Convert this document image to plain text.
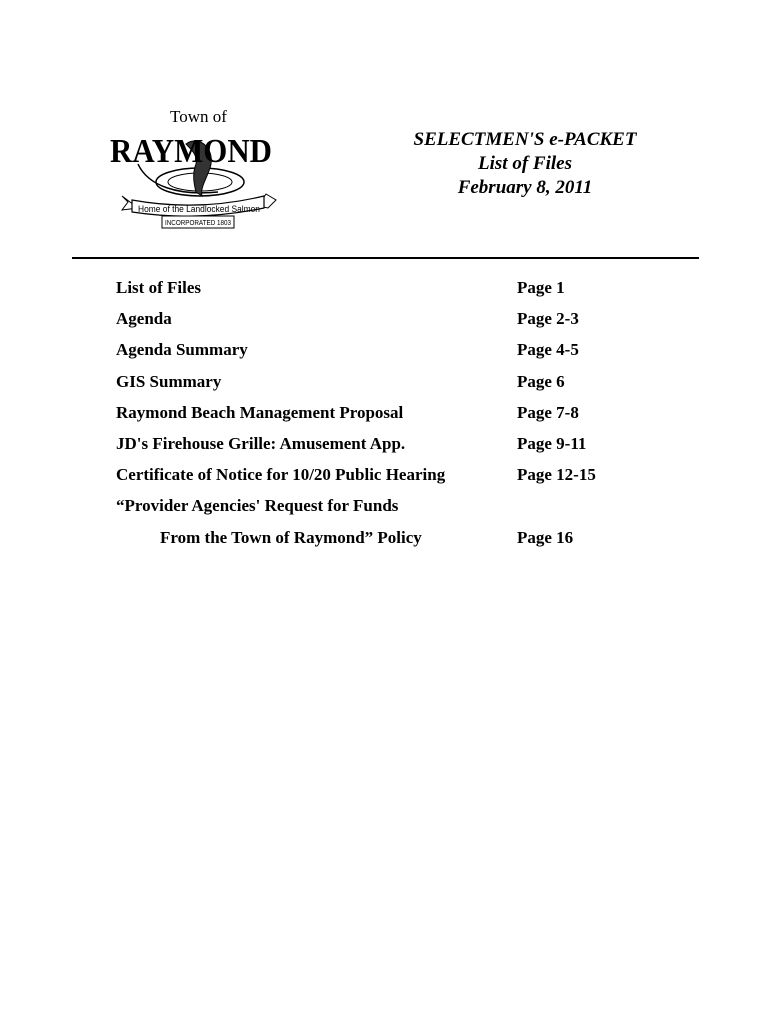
Town of
RAYMOND
Home of the Landlocked Salmon
INCORPORATED 1803
SELECTMEN'S e-PACKET
List of Files
February 8, 2011
List of Files	Page 1
Agenda	Page 2-3
Agenda Summary	Page 4-5
GIS Summary	Page 6
Raymond Beach Management Proposal	Page 7-8
JD's Firehouse Grille: Amusement App.	Page 9-11
Certificate of Notice for 10/20 Public Hearing	Page 12-15
“Provider Agencies' Request for Funds
From the Town of Raymond” Policy	Page 16
